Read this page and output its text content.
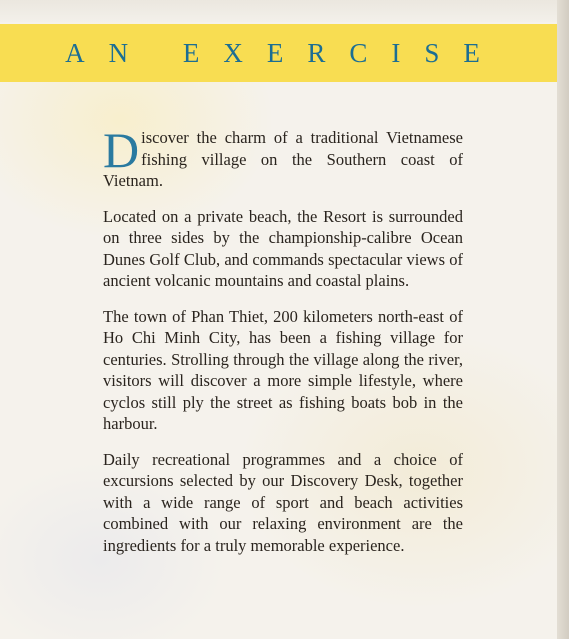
AN EXERCISE

Discover the charm of a traditional Vietnamese fishing village on the Southern coast of Vietnam.

Located on a private beach, the Resort is surrounded on three sides by the championship-calibre Ocean Dunes Golf Club, and commands spectacular views of ancient volcanic mountains and coastal plains.

The town of Phan Thiet, 200 kilometers north-east of Ho Chi Minh City, has been a fishing village for centuries. Strolling through the village along the river, visitors will discover a more simple lifestyle, where cyclos still ply the street as fishing boats bob in the harbour.

Daily recreational programmes and a choice of excursions selected by our Discovery Desk, together with a wide range of sport and beach activities combined with our relaxing environment are the ingredients for a truly memorable experience.
